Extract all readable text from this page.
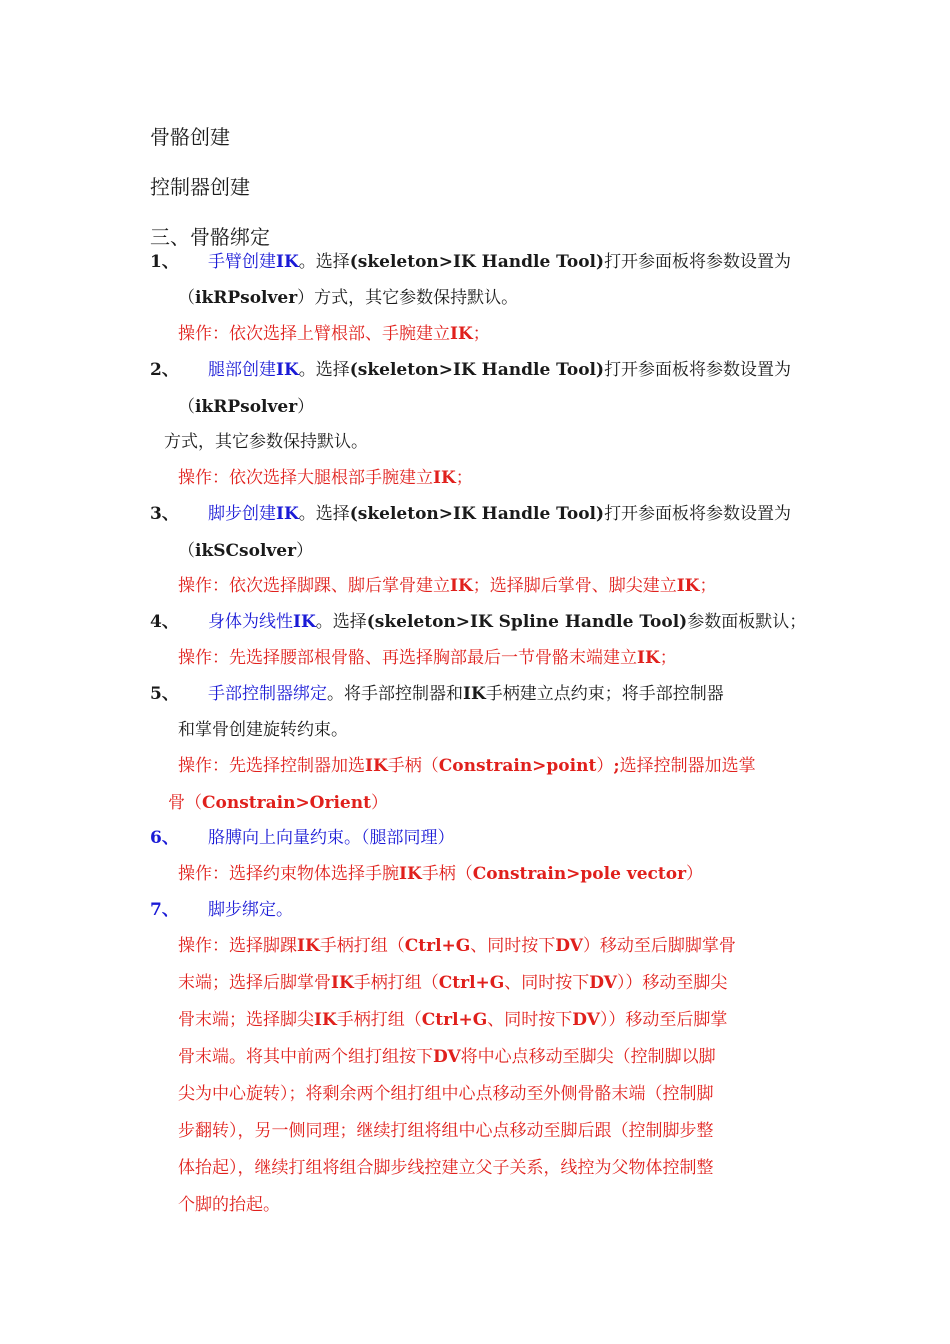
骨骼创建
控制器创建
三、骨骼绑定
1、 手臂创建IK。选择(skeleton>IK Handle Tool)打开参面板将参数设置为
（ikRPsolver）方式，其它参数保持默认。
操作：依次选择上臂根部、手腕建立IK；
2、 腿部创建IK。选择(skeleton>IK Handle Tool)打开参面板将参数设置为
（ikRPsolver）
方式，其它参数保持默认。
操作：依次选择大腿根部手腕建立IK；
3、 脚步创建IK。选择(skeleton>IK Handle Tool)打开参面板将参数设置为
（ikSCsolver）
操作：依次选择脚踝、脚后掌骨建立IK；选择脚后掌骨、脚尖建立IK；
4、 身体为线性IK。选择(skeleton>IK Spline Handle Tool)参数面板默认；
操作：先选择腰部根骨骼、再选择胸部最后一节骨骼末端建立IK；
5、 手部控制器绑定。将手部控制器和IK手柄建立点约束；将手部控制器
和掌骨创建旋转约束。
操作：先选择控制器加选IK手柄（Constrain>point）;选择控制器加选掌
骨（Constrain>Orient）
6、 胳膊向上向量约束。（腿部同理）
操作：选择约束物体选择手腕IK手柄（Constrain>pole vector）
7、 脚步绑定。
操作：选择脚踝IK手柄打组（Ctrl+G、同时按下DV）移动至后脚脚掌骨
末端；选择后脚掌骨IK手柄打组（Ctrl+G、同时按下DV））移动至脚尖
骨末端；选择脚尖IK手柄打组（Ctrl+G、同时按下DV））移动至后脚掌
骨末端。将其中前两个组打组按下DV将中心点移动至脚尖（控制脚以脚
尖为中心旋转）；将剩余两个组打组中心点移动至外侧骨骼末端（控制脚
步翻转），另一侧同理；继续打组将组中心点移动至脚后跟（控制脚步整
体抬起），继续打组将组合脚步线控建立父子关系，线控为父物体控制整
个脚的抬起。
